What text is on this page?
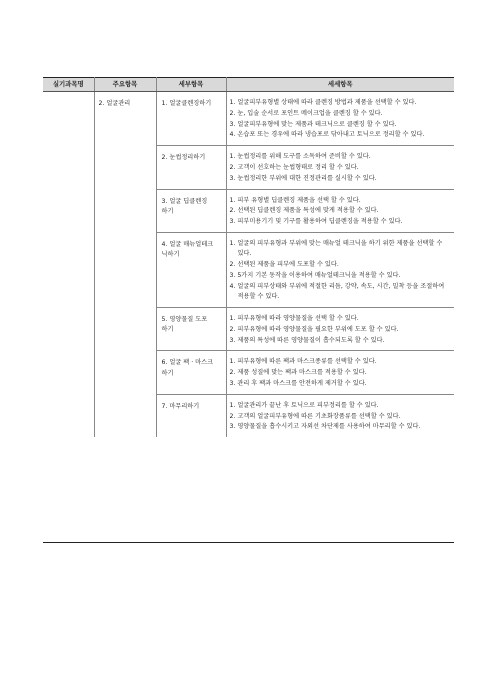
실기과목명	주요항목	세부항목	세세항목
	2. 얼굴관리	1. 얼굴클렌징하기	1. 얼굴피부유형별 상태에 따라 클렌징 방법과 제품을 선택할 수 있다.
2. 눈, 입술 순서로 포인트 메이크업을 클렌징 할 수 있다.
3. 얼굴피부유형에 맞는 제품과 테크닉으로 클렌징 할 수 있다.
4. 온습포 또는 경우에 따라 냉습포로 닦아내고 토닉으로 정리할 수 있다.

		2. 눈썹정리하기	1. 눈썹정리를 위해 도구를 소독하여 준비할 수 있다.
2. 고객이 선호하는 눈썹형태로 정리 할 수 있다.
3. 눈썹정리한 부위에 대한 진정관리를 실시할 수 있다.

		3. 얼굴 딥클렌징
하기	1. 피부 유형별 딥클렌징 제품을 선택 할 수 있다.
2. 선택된 딥클렌징 제품을 특성에 맞게 적용할 수 있다.
3. 피부미용기기 및 기구를 활용하여 딥클렌징을 적용할 수 있다.

		4. 얼굴 매뉴얼테크
닉하기	1. 얼굴의 피부유형과 부위에 맞는 매뉴얼 테크닉을 하기 위한 제품을 선택할 수 있다.
2. 선택된 제품을 피부에 도포할 수 있다.
3. 5가지 기본 동작을 이용하여 매뉴얼테크닉을 적용할 수 있다.
4. 얼굴의 피부상태와 부위에 적절한 리듬, 강약, 속도, 시간, 밀착 등을 조절하여 적용할 수 있다.

		5. 영양물질 도포
하기	1. 피부유형에 따라 영양물질을 선택 할 수 있다.
2. 피부유형에 따라 영양물질을 필요한 부위에 도포 할 수 있다.
3. 제품의 특성에 따른 영양물질이 흡수되도록 할 수 있다.

		6. 얼굴 팩 · 마스크
하기	1. 피부유형에 따른 팩과 마스크종류를 선택할 수 있다.
2. 제품 성질에 맞는 팩과 마스크를 적용할 수 있다.
3. 관리 후 팩과 마스크를 안전하게 제거할 수 있다.

		7. 마무리하기	1. 얼굴관리가 끝난 후 토닉으로 피부정리를 할 수 있다.
2. 고객의 얼굴피부유형에 따른 기초화장품류를 선택할 수 있다.
3. 영양물질을 흡수시키고 자외선 차단제를 사용하여 마무리할 수 있다.
